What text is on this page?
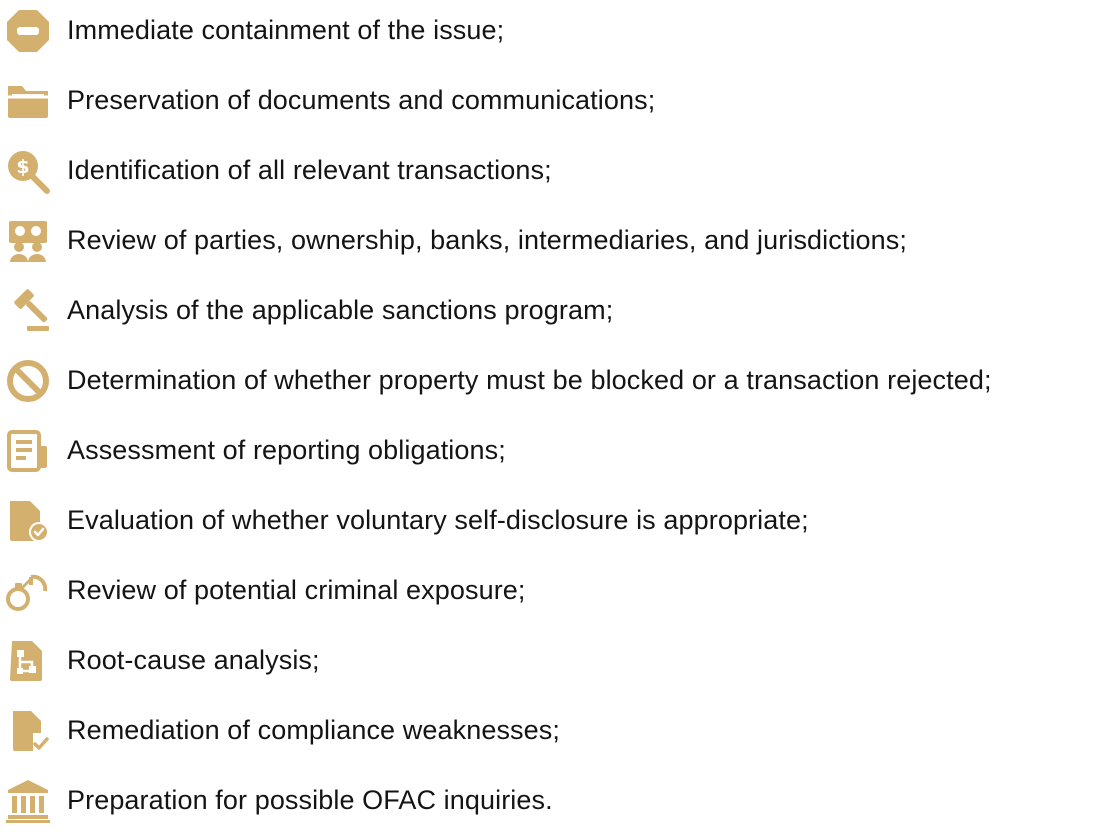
Immediate containment of the issue;
Preservation of documents and communications;
$ Identification of all relevant transactions;
Review of parties, ownership, banks, intermediaries, and jurisdictions;
Analysis of the applicable sanctions program;
Determination of whether property must be blocked or a transaction rejected;
Assessment of reporting obligations;
Evaluation of whether voluntary self-disclosure is appropriate;
Review of potential criminal exposure;
Root-cause analysis;
Remediation of compliance weaknesses;
Preparation for possible OFAC inquiries.
